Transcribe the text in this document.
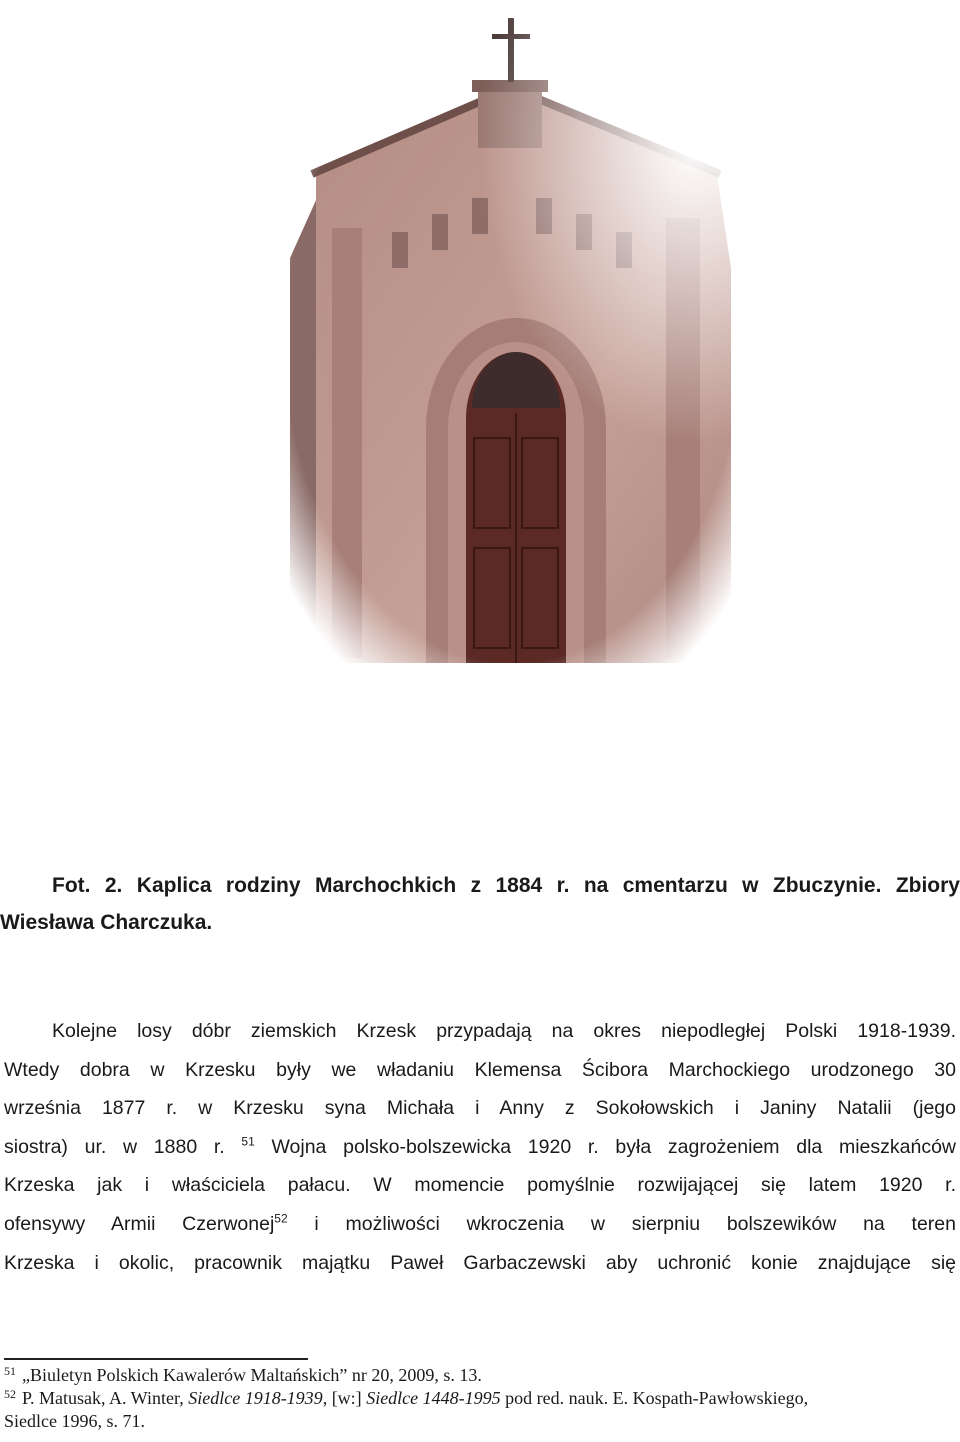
Fot. 2. Kaplica rodziny Marchochkich z 1884 r. na cmentarzu w Zbuczynie. Zbiory
Wiesława Charczuka.
Kolejne losy dóbr ziemskich Krzesk przypadają na okres niepodległej Polski 1918-1939.
Wtedy dobra w Krzesku były we władaniu Klemensa Ścibora Marchockiego urodzonego 30
września 1877 r. w Krzesku syna Michała i Anny z Sokołowskich i Janiny Natalii (jego
siostra) ur. w 1880 r. $^{51}$ Wojna polsko-bolszewicka 1920 r. była zagrożeniem dla mieszkańców
Krzeska jak i właściciela pałacu. W momencie pomyślnie rozwijającej się latem 1920 r.
ofensywy Armii Czerwonej$^{52}$ i możliwości wkroczenia w sierpniu bolszewików na teren
Krzeska i okolic, pracownik majątku Paweł Garbaczewski aby uchronić konie znajdujące się
$^{51}$ „Biuletyn Polskich Kawalerów Maltańskich” nr 20, 2009, s. 13.
$^{52}$ P. Matusak, A. Winter, Siedlce 1918-1939, [w:] Siedlce 1448-1995 pod red. nauk. E. Kospath-Pawłowskiego,
Siedlce 1996, s. 71.
